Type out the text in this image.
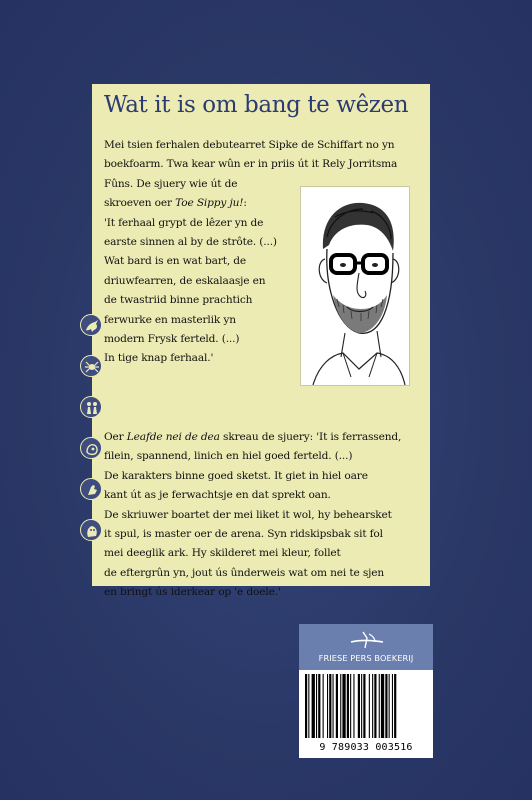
Wat it is om bang te wêzen
Mei tsien ferhalen debutearret Sipke de Schiffart no yn
boekfoarm. Twa kear wûn er in priis út it Rely Jorritsma
Fûns. De sjuery wie út de
skroeven oer Toe Sippy ju!:
'It ferhaal grypt de lêzer yn de
earste sinnen al by de strôte. (...)
Wat bard is en wat bart, de
driuwfearren, de eskalaasje en
de twastriid binne prachtich
ferwurke en masterlik yn
modern Frysk ferteld. (...)
In tige knap ferhaal.'
Oer Leafde nei de dea skreau de sjuery: 'It is ferrassend,
filein, spannend, linich en hiel goed ferteld. (...)
De karakters binne goed sketst. It giet in hiel oare
kant út as je ferwachtsje en dat sprekt oan.
De skriuwer boartet der mei liket it wol, hy behearsket
it spul, is master oer de arena. Syn ridskipsbak sit fol
mei deeglik ark. Hy skilderet mei kleur, follet
de eftergrûn yn, jout ús ûnderweis wat om nei te sjen
en bringt ús iderkear op 'e doele.'
FRIESE PERS BOEKERIJ
9 789033 003516
